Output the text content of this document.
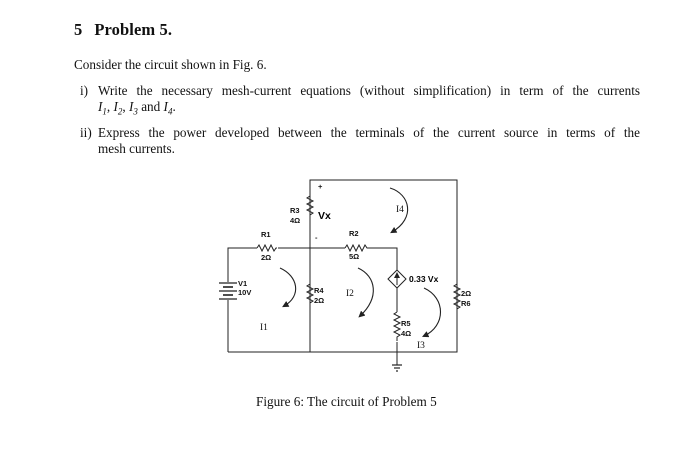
5 Problem 5.

Consider the circuit shown in Fig. 6.

i) Write the necessary mesh-current equations (without simplification) in term of the currents
$I_1$, $I_2$, $I_3$ and $I_4$.
ii) Express the power developed between the terminals of the current source in terms of the
mesh currents.
V1
10V
R1
2Ω
R2
5Ω
R3
4Ω
+
Vx
-
R4
2Ω
0.33 Vx
R5
4Ω
2Ω
R6
I1
I2
I3
I4

Figure 6: The circuit of Problem 5
